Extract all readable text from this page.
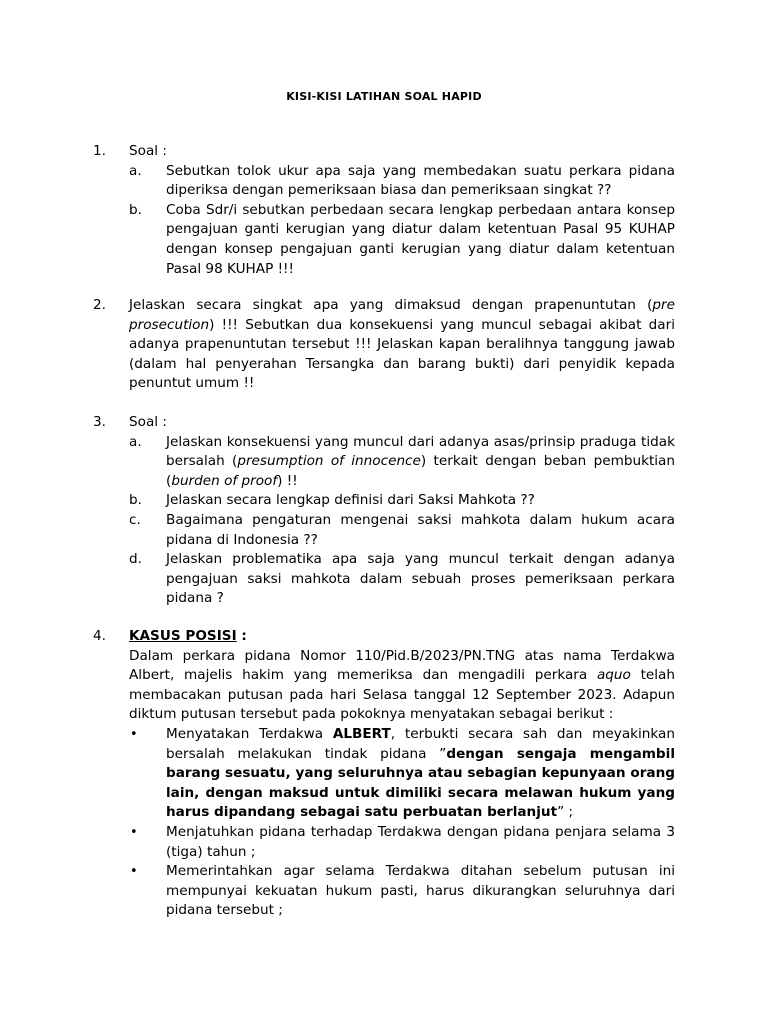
KISI-KISI LATIHAN SOAL HAPID
1. Soal :
a. Sebutkan tolok ukur apa saja yang membedakan suatu perkara pidana diperiksa dengan pemeriksaan biasa dan pemeriksaan singkat ??
b. Coba Sdr/i sebutkan perbedaan secara lengkap perbedaan antara konsep pengajuan ganti kerugian yang diatur dalam ketentuan Pasal 95 KUHAP dengan konsep pengajuan ganti kerugian yang diatur dalam ketentuan Pasal 98 KUHAP !!!
2. Jelaskan secara singkat apa yang dimaksud dengan prapenuntutan (pre prosecution) !!! Sebutkan dua konsekuensi yang muncul sebagai akibat dari adanya prapenuntutan tersebut !!! Jelaskan kapan beralihnya tanggung jawab (dalam hal penyerahan Tersangka dan barang bukti) dari penyidik kepada penuntut umum !!
3. Soal :
a. Jelaskan konsekuensi yang muncul dari adanya asas/prinsip praduga tidak bersalah (presumption of innocence) terkait dengan beban pembuktian (burden of proof) !!
b. Jelaskan secara lengkap definisi dari Saksi Mahkota ??
c. Bagaimana pengaturan mengenai saksi mahkota dalam hukum acara pidana di Indonesia ??
d. Jelaskan problematika apa saja yang muncul terkait dengan adanya pengajuan saksi mahkota dalam sebuah proses pemeriksaan perkara pidana ?
4. KASUS POSISI :
Dalam perkara pidana Nomor 110/Pid.B/2023/PN.TNG atas nama Terdakwa Albert, majelis hakim yang memeriksa dan mengadili perkara aquo telah membacakan putusan pada hari Selasa tanggal 12 September 2023. Adapun diktum putusan tersebut pada pokoknya menyatakan sebagai berikut :
• Menyatakan Terdakwa ALBERT, terbukti secara sah dan meyakinkan bersalah melakukan tindak pidana ”dengan sengaja mengambil barang sesuatu, yang seluruhnya atau sebagian kepunyaan orang lain, dengan maksud untuk dimiliki secara melawan hukum yang harus dipandang sebagai satu perbuatan berlanjut” ;
• Menjatuhkan pidana terhadap Terdakwa dengan pidana penjara selama 3 (tiga) tahun ;
• Memerintahkan agar selama Terdakwa ditahan sebelum putusan ini mempunyai kekuatan hukum pasti, harus dikurangkan seluruhnya dari pidana tersebut ;
